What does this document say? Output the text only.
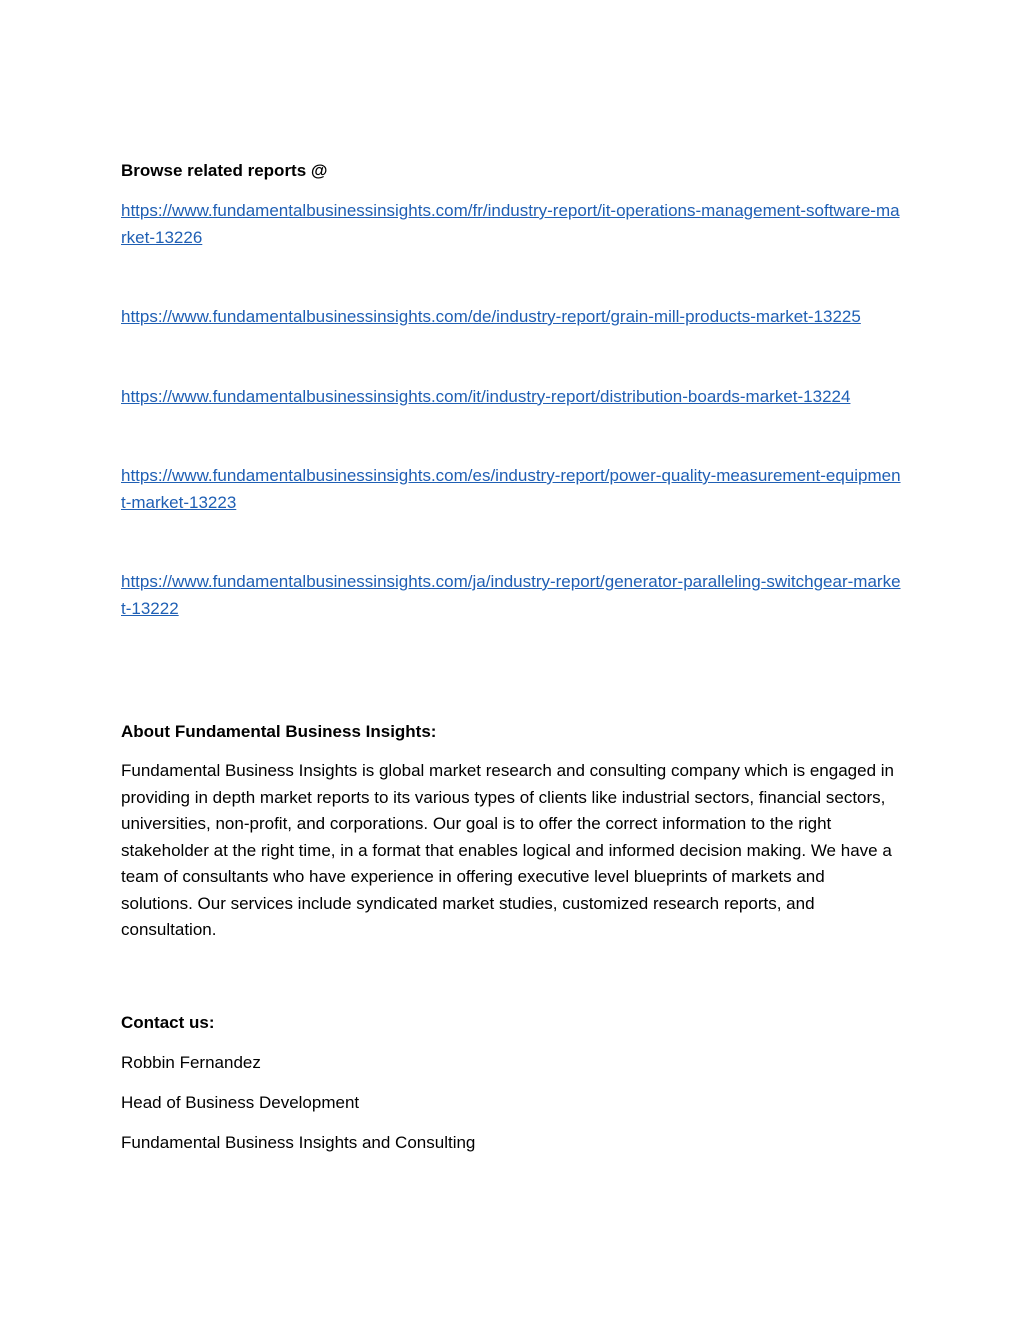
Browse related reports @

https://www.fundamentalbusinessinsights.com/fr/industry-report/it-operations-management-software-market-13226
https://www.fundamentalbusinessinsights.com/de/industry-report/grain-mill-products-market-13225
https://www.fundamentalbusinessinsights.com/it/industry-report/distribution-boards-market-13224
https://www.fundamentalbusinessinsights.com/es/industry-report/power-quality-measurement-equipment-market-13223
https://www.fundamentalbusinessinsights.com/ja/industry-report/generator-paralleling-switchgear-market-13222

About Fundamental Business Insights:

Fundamental Business Insights is global market research and consulting company which is engaged in providing in depth market reports to its various types of clients like industrial sectors, financial sectors, universities, non-profit, and corporations. Our goal is to offer the correct information to the right stakeholder at the right time, in a format that enables logical and informed decision making. We have a team of consultants who have experience in offering executive level blueprints of markets and solutions. Our services include syndicated market studies, customized research reports, and consultation.

Contact us:

Robbin Fernandez

Head of Business Development

Fundamental Business Insights and Consulting
